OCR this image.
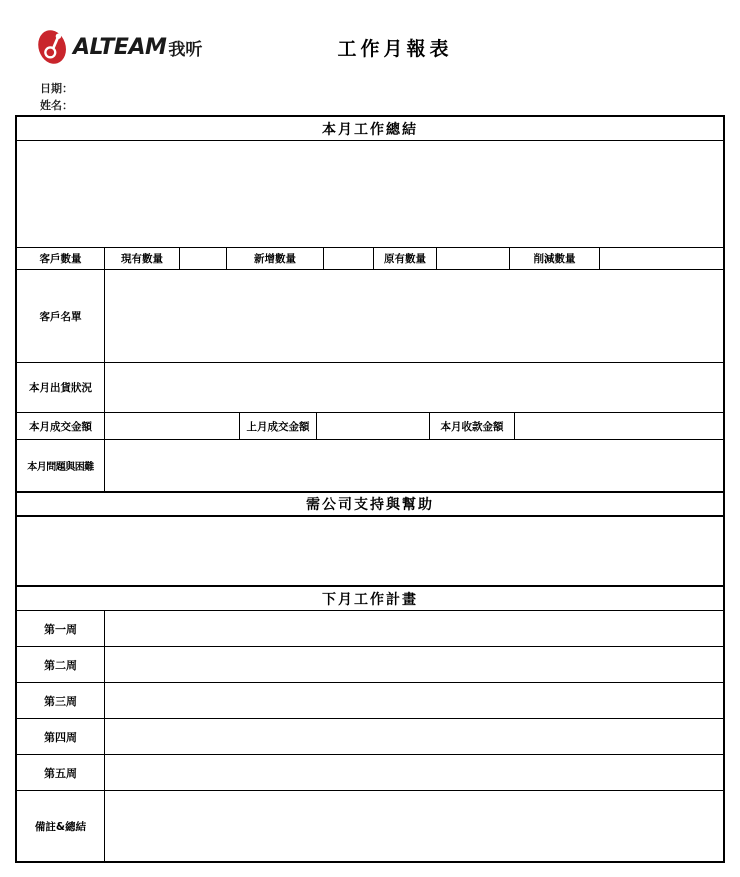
ALTEAM 我听	工作月報表
日期：
姓名：
本月工作總結
客戶數量	現有數量	新增數量	原有數量	削減數量
客戶名單
本月出貨狀況
本月成交金額	上月成交金額	本月收款金額
本月問題與困難
需公司支持與幫助
下月工作計畫
第一周
第二周
第三周
第四周
第五周
備註&總結
